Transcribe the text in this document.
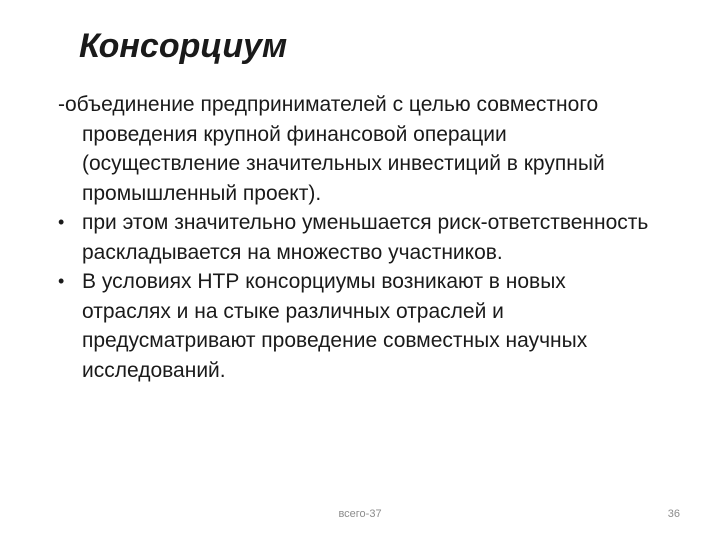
Консорциум
-объединение предпринимателей с целью совместного проведения крупной финансовой операции (осуществление значительных инвестиций в крупный промышленный проект).
• при этом значительно уменьшается риск-ответственность раскладывается на множество участников.
• В условиях НТР консорциумы возникают в новых отраслях и на стыке различных отраслей и предусматривают проведение совместных научных исследований.
всего-37	36
